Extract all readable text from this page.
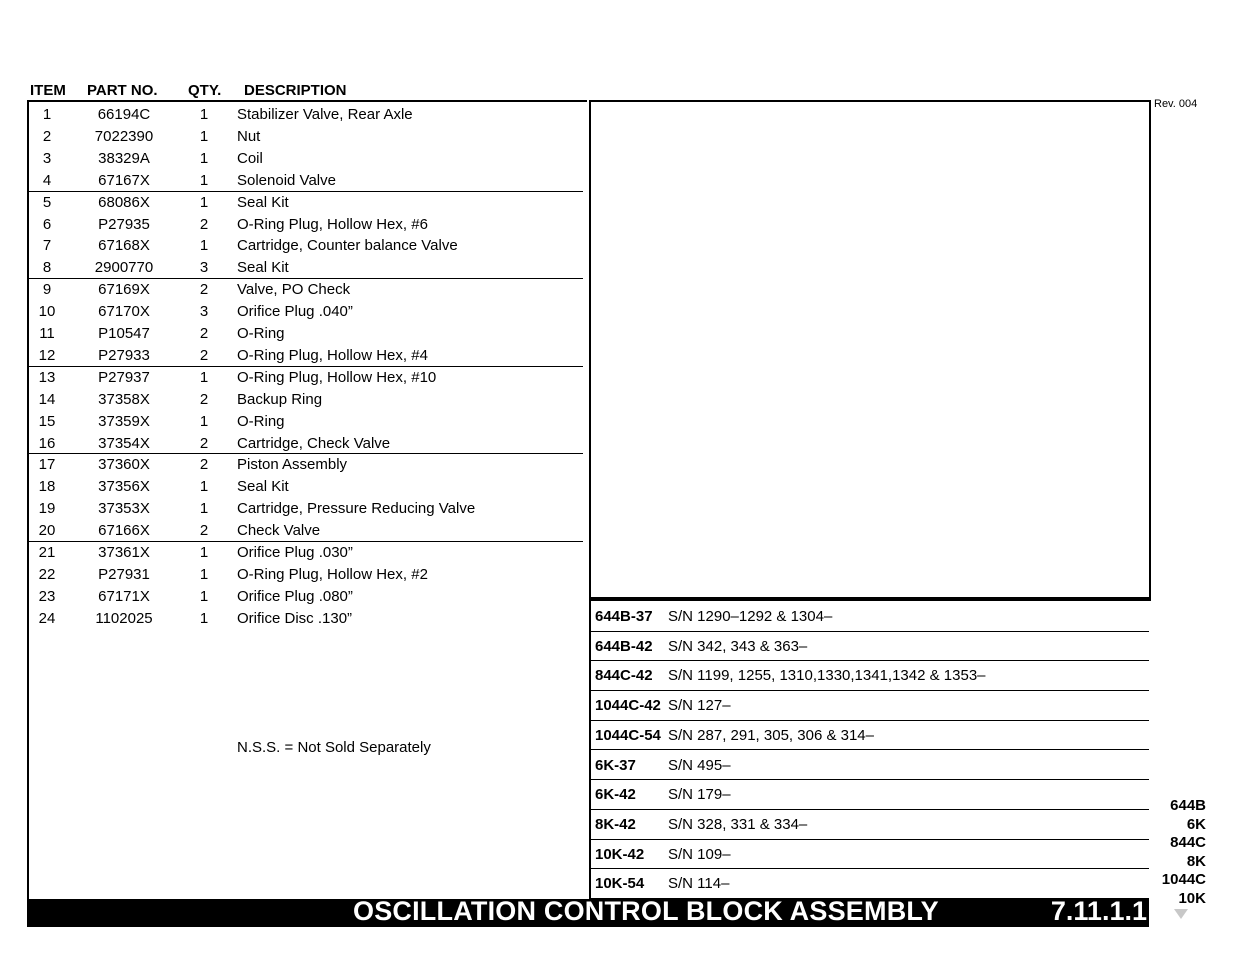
ITEM PART NO. QTY. DESCRIPTION
1	66194C	1	Stabilizer Valve, Rear Axle
2	7022390	1	Nut
3	38329A	1	Coil
4	67167X	1	Solenoid Valve
5	68086X	1	Seal Kit
6	P27935	2	O-Ring Plug, Hollow Hex, #6
7	67168X	1	Cartridge, Counter balance Valve
8	2900770	3	Seal Kit
9	67169X	2	Valve, PO Check
10	67170X	3	Orifice Plug .040”
11	P10547	2	O-Ring
12	P27933	2	O-Ring Plug, Hollow Hex, #4
13	P27937	1	O-Ring Plug, Hollow Hex, #10
14	37358X	2	Backup Ring
15	37359X	1	O-Ring
16	37354X	2	Cartridge, Check Valve
17	37360X	2	Piston Assembly
18	37356X	1	Seal Kit
19	37353X	1	Cartridge, Pressure Reducing Valve
20	67166X	2	Check Valve
21	37361X	1	Orifice Plug .030”
22	P27931	1	O-Ring Plug, Hollow Hex, #2
23	67171X	1	Orifice Plug .080”
24	1102025	1	Orifice Disc .130”
N.S.S. = Not Sold Separately
644B-37 S/N 1290–1292 & 1304–
644B-42 S/N 342, 343 & 363–
844C-42 S/N 1199, 1255, 1310,1330,1341,1342 & 1353–
1044C-42 S/N 127–
1044C-54 S/N 287, 291, 305, 306 & 314–
6K-37 S/N 495–
6K-42 S/N 179–
8K-42 S/N 328, 331 & 334–
10K-42 S/N 109–
10K-54 S/N 114–
Rev. 004
644B
6K
844C
8K
1044C
10K
OSCILLATION CONTROL BLOCK ASSEMBLY	7.11.1.1
